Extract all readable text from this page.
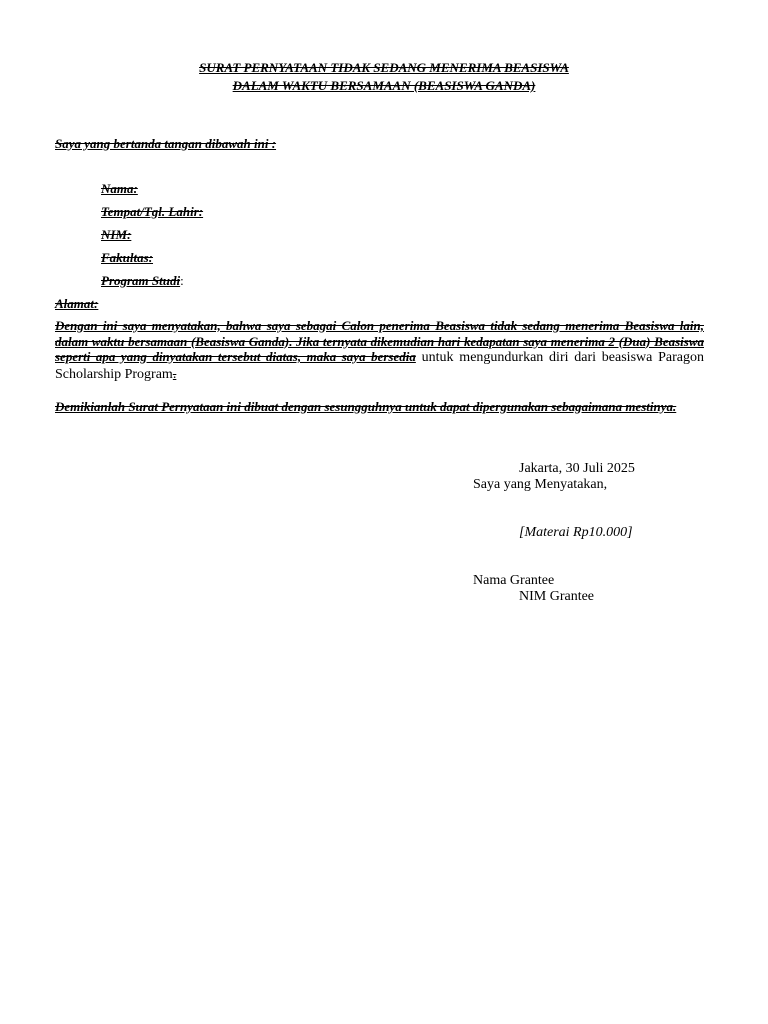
SURAT PERNYATAAN TIDAK SEDANG MENERIMA BEASISWA
DALAM WAKTU BERSAMAAN (BEASISWA GANDA)
Saya yang bertanda tangan dibawah ini :
Nama:
Tempat/Tgl. Lahir:
NIM:
Fakultas:
Program Studi:
Alamat:
Dengan ini saya menyatakan, bahwa saya sebagai Calon penerima Beasiswa tidak sedang menerima Beasiswa lain, dalam waktu bersamaan (Beasiswa Ganda). Jika ternyata dikemudian hari kedapatan saya menerima 2 (Dua) Beasiswa seperti apa yang dinyatakan tersebut diatas, maka saya bersedia untuk mengundurkan diri dari beasiswa Paragon Scholarship Program.
Demikianlah Surat Pernyataan ini dibuat dengan sesungguhnya untuk dapat dipergunakan sebagaimana mestinya.
Jakarta, 30 Juli 2025
Saya yang Menyatakan,
[Materai Rp10.000]
Nama Grantee
NIM Grantee
